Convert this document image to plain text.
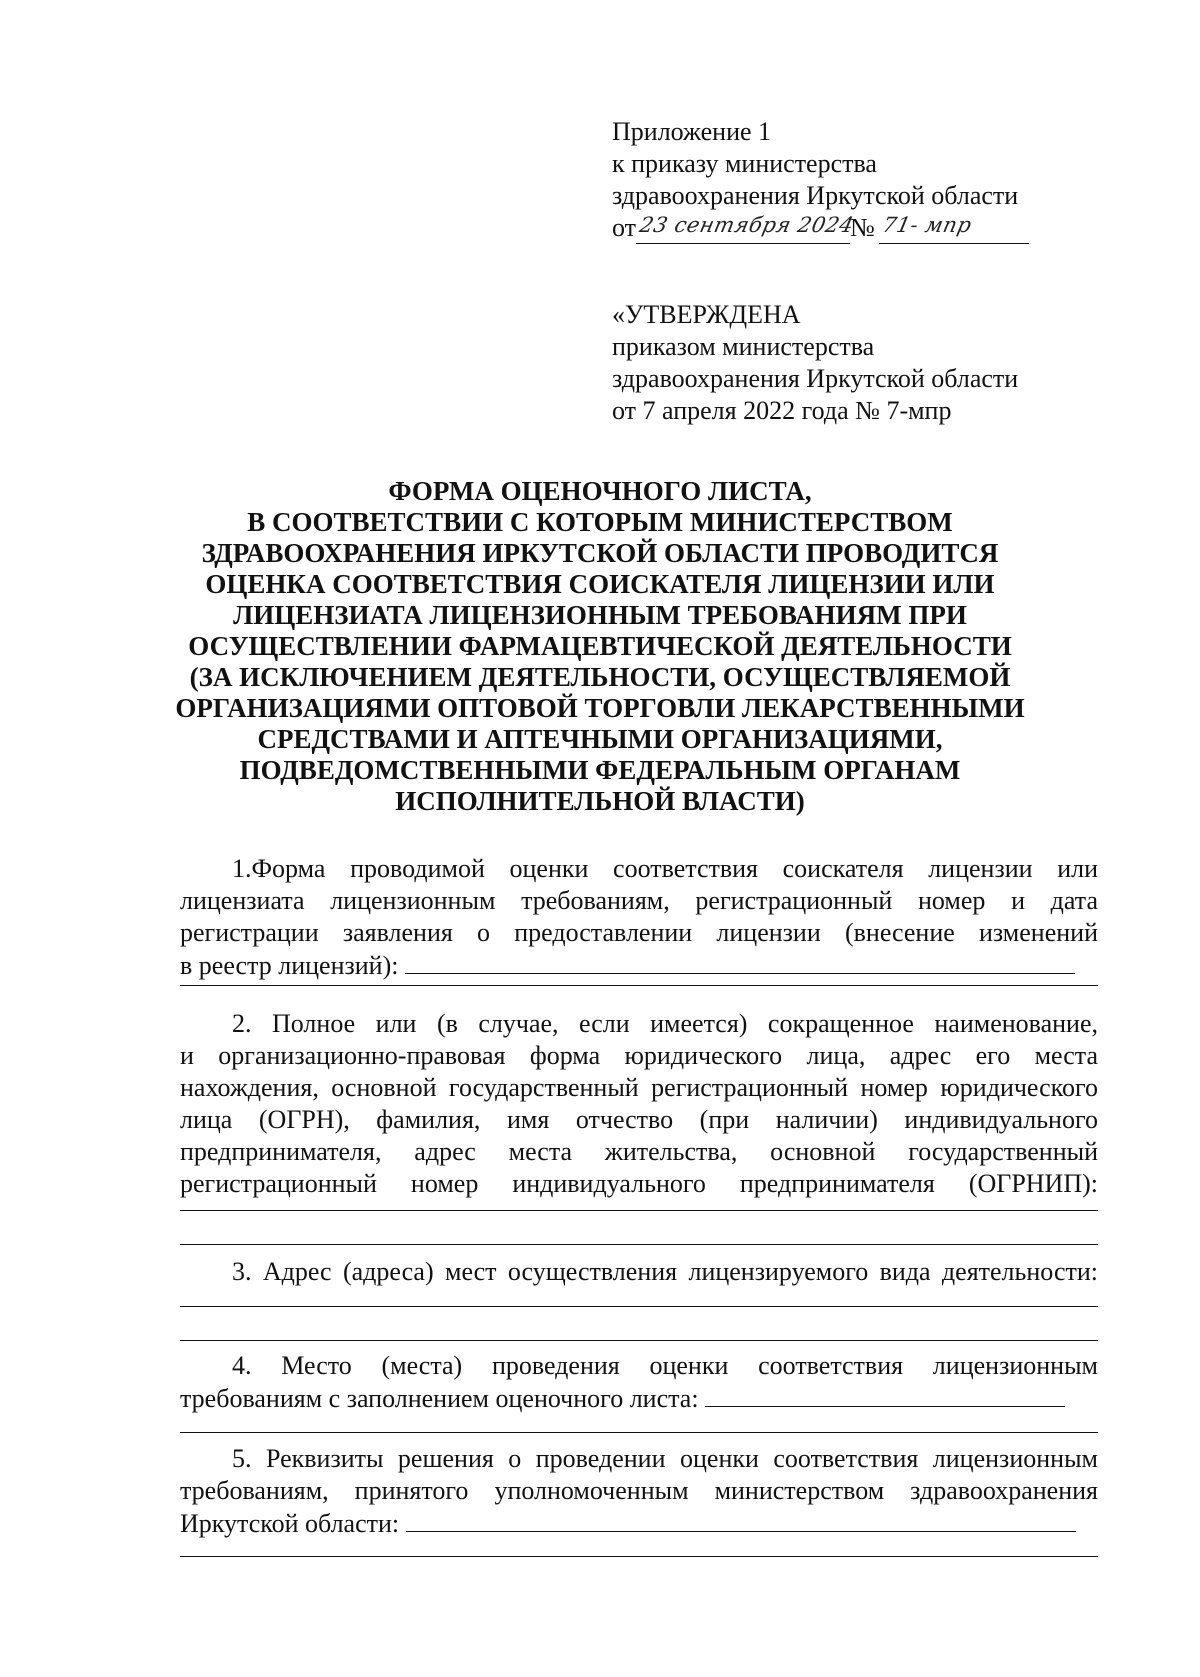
Приложение 1
к приказу министерства
здравоохранения Иркутской области
от 23 сентября 2024
№ 71- мпр
«УТВЕРЖДЕНА
приказом министерства
здравоохранения Иркутской области
от 7 апреля 2022 года № 7-мпр
ФОРМА ОЦЕНОЧНОГО ЛИСТА,
В СООТВЕТСТВИИ С КОТОРЫМ МИНИСТЕРСТВОМ
ЗДРАВООХРАНЕНИЯ ИРКУТСКОЙ ОБЛАСТИ ПРОВОДИТСЯ
ОЦЕНКА СООТВЕТСТВИЯ СОИСКАТЕЛЯ ЛИЦЕНЗИИ ИЛИ
ЛИЦЕНЗИАТА ЛИЦЕНЗИОННЫМ ТРЕБОВАНИЯМ ПРИ
ОСУЩЕСТВЛЕНИИ ФАРМАЦЕВТИЧЕСКОЙ ДЕЯТЕЛЬНОСТИ
(ЗА ИСКЛЮЧЕНИЕМ ДЕЯТЕЛЬНОСТИ, ОСУЩЕСТВЛЯЕМОЙ
ОРГАНИЗАЦИЯМИ ОПТОВОЙ ТОРГОВЛИ ЛЕКАРСТВЕННЫМИ
СРЕДСТВАМИ И АПТЕЧНЫМИ ОРГАНИЗАЦИЯМИ,
ПОДВЕДОМСТВЕННЫМИ ФЕДЕРАЛЬНЫМ ОРГАНАМ
ИСПОЛНИТЕЛЬНОЙ ВЛАСТИ)
1.Форма проводимой оценки соответствия соискателя лицензии или
лицензиата лицензионным требованиям, регистрационный номер и дата
регистрации заявления о предоставлении лицензии (внесение изменений
в реестр лицензий):
2. Полное или (в случае, если имеется) сокращенное наименование,
и организационно-правовая форма юридического лица, адрес его места
нахождения, основной государственный регистрационный номер юридического
лица (ОГРН), фамилия, имя отчество (при наличии) индивидуального
предпринимателя, адрес места жительства, основной государственный
регистрационный номер индивидуального предпринимателя (ОГРНИП):
3. Адрес (адреса) мест осуществления лицензируемого вида деятельности:
4. Место (места) проведения оценки соответствия лицензионным
требованиям с заполнением оценочного листа:
5. Реквизиты решения о проведении оценки соответствия лицензионным
требованиям, принятого уполномоченным министерством здравоохранения
Иркутской области:
